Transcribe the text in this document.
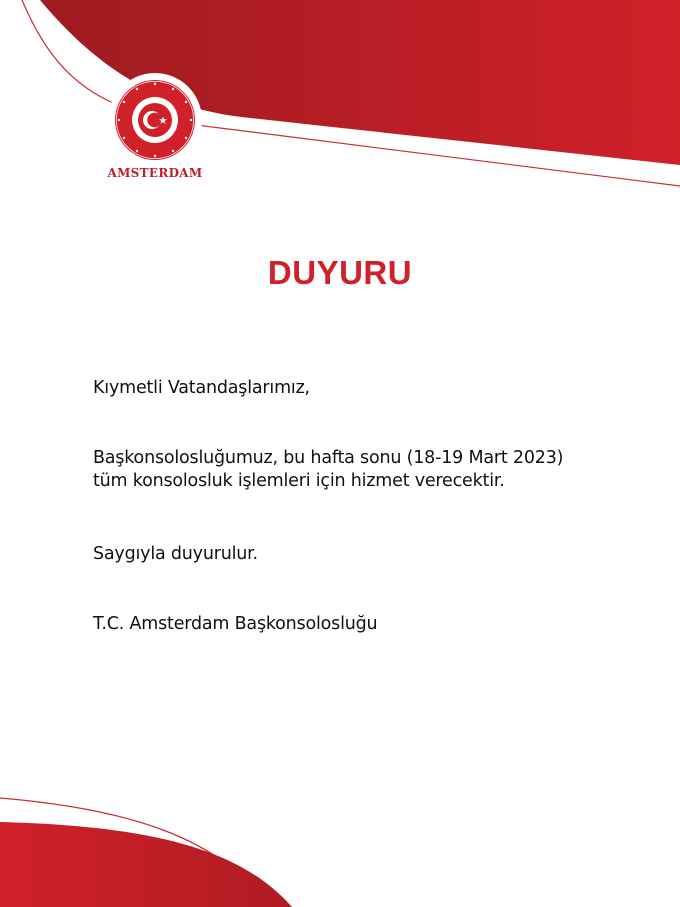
AMSTERDAM
DUYURU

Kıymetli Vatandaşlarımız,

Başkonsolosluğumuz, bu hafta sonu (18-19 Mart 2023)

tüm konsolosluk işlemleri için hizmet verecektir.

Saygıyla duyurulur.

T.C. Amsterdam Başkonsolosluğu
